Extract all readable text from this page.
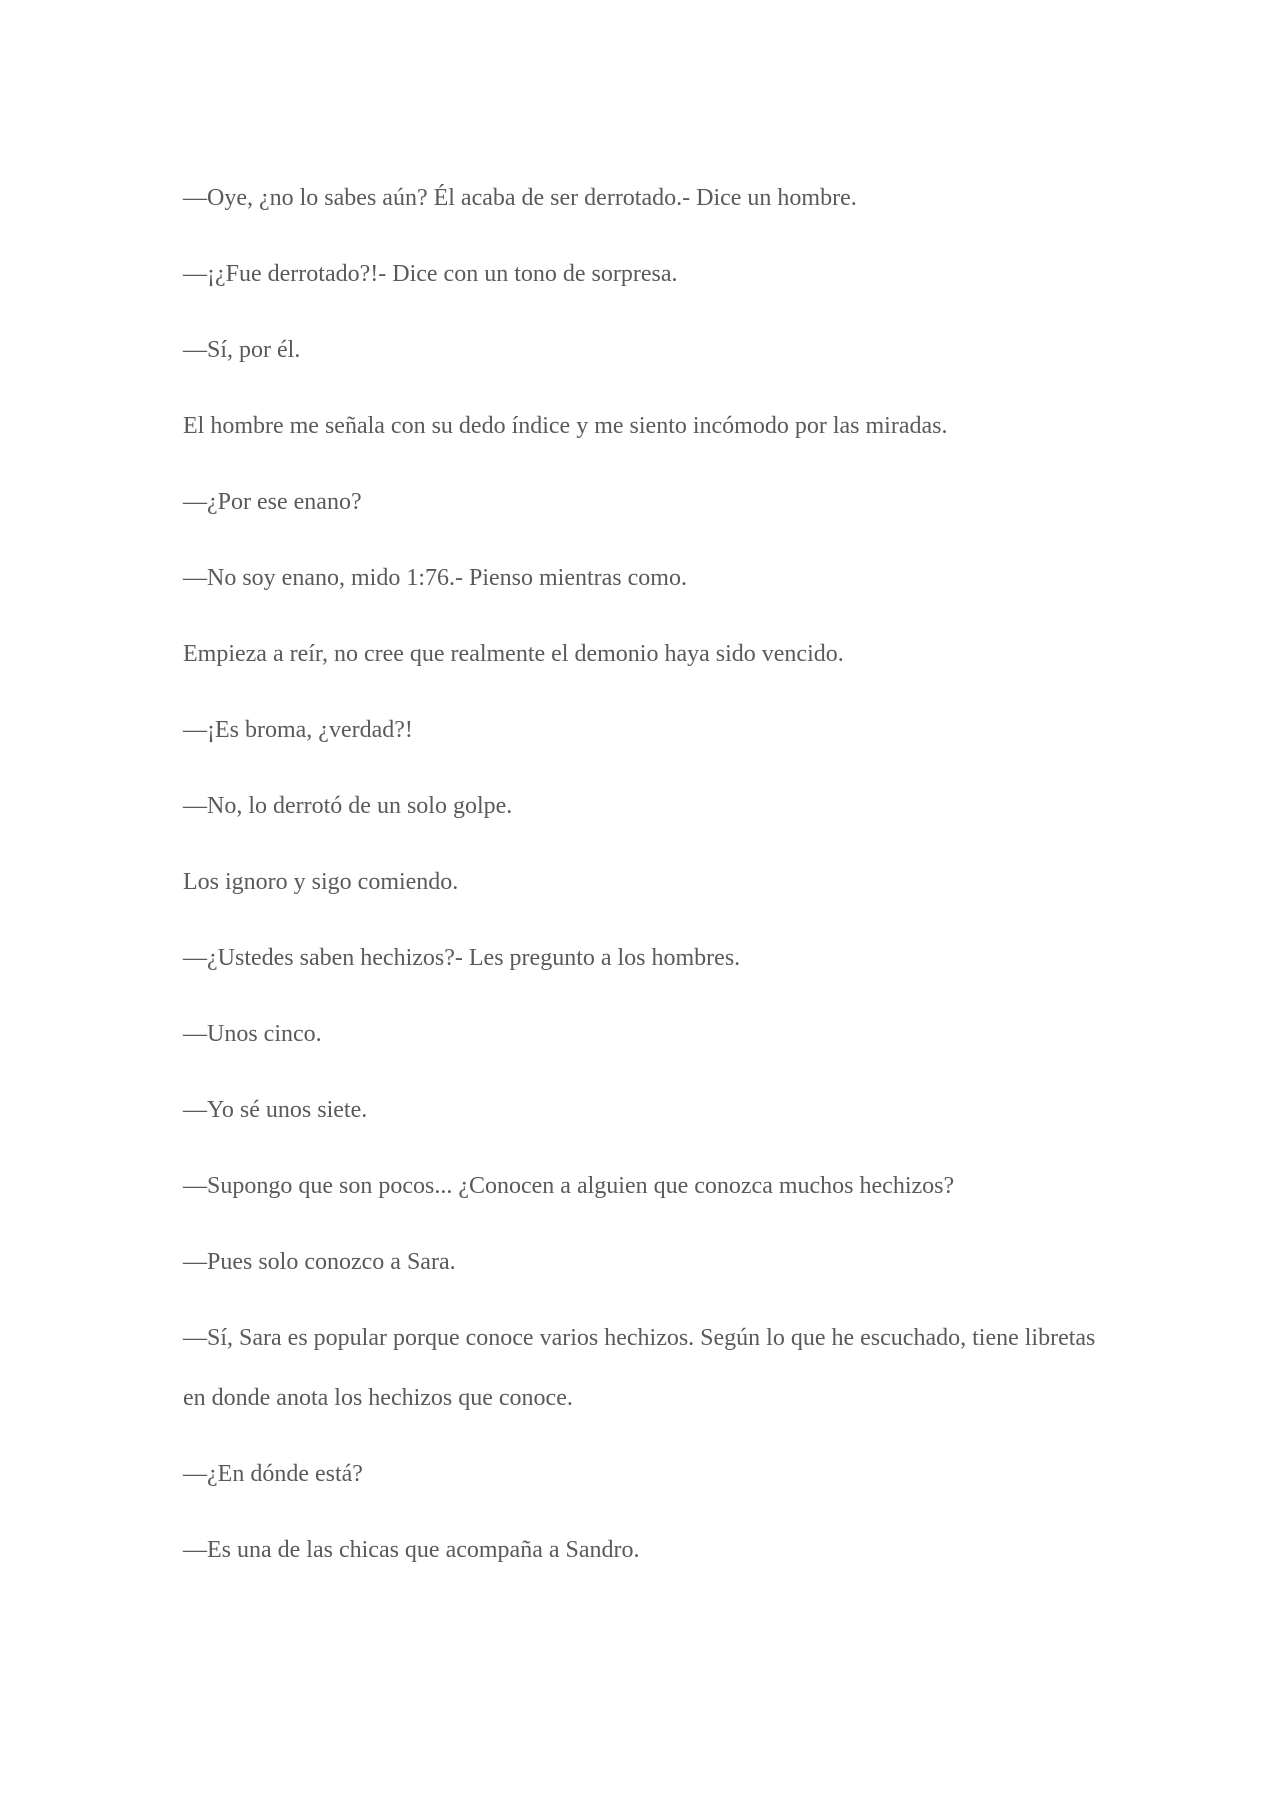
—Oye, ¿no lo sabes aún? Él acaba de ser derrotado.- Dice un hombre.

—¡¿Fue derrotado?!- Dice con un tono de sorpresa.

—Sí, por él.

El hombre me señala con su dedo índice y me siento incómodo por las miradas.

—¿Por ese enano?

—No soy enano, mido 1:76.- Pienso mientras como.

Empieza a reír, no cree que realmente el demonio haya sido vencido.

—¡Es broma, ¿verdad?!

—No, lo derrotó de un solo golpe.

Los ignoro y sigo comiendo.

—¿Ustedes saben hechizos?- Les pregunto a los hombres.

—Unos cinco.

—Yo sé unos siete.

—Supongo que son pocos... ¿Conocen a alguien que conozca muchos hechizos?

—Pues solo conozco a Sara.

—Sí, Sara es popular porque conoce varios hechizos. Según lo que he escuchado, tiene libretas en donde anota los hechizos que conoce.

—¿En dónde está?

—Es una de las chicas que acompaña a Sandro.
